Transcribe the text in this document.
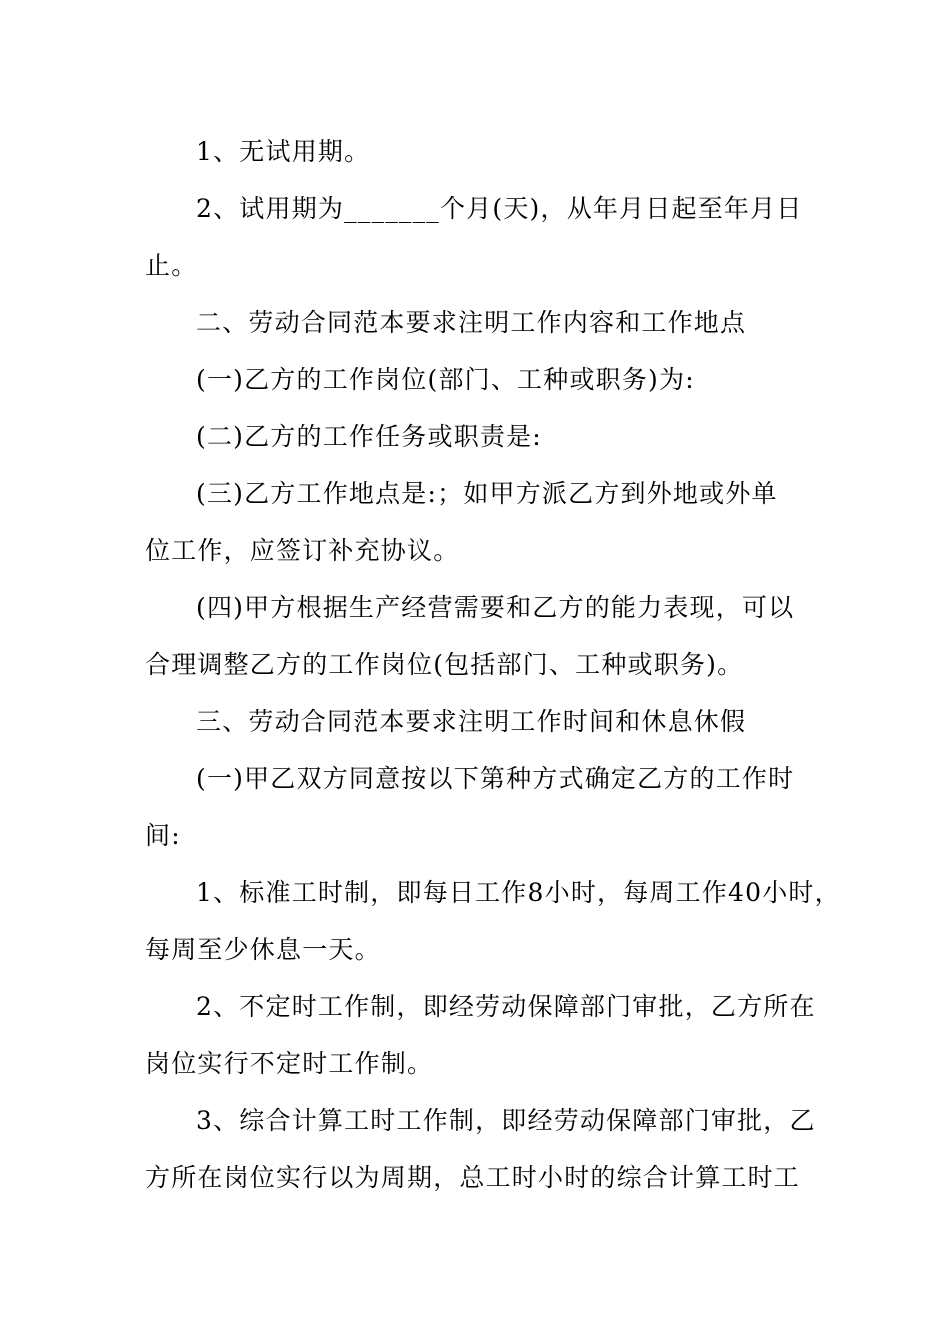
1、无试用期。

2、试用期为_______个月(天)，从年月日起至年月日

止。

二、劳动合同范本要求注明工作内容和工作地点

(一)乙方的工作岗位(部门、工种或职务)为:

(二)乙方的工作任务或职责是:

(三)乙方工作地点是:；如甲方派乙方到外地或外单

位工作，应签订补充协议。

(四)甲方根据生产经营需要和乙方的能力表现，可以

合理调整乙方的工作岗位(包括部门、工种或职务)。

三、劳动合同范本要求注明工作时间和休息休假

(一)甲乙双方同意按以下第种方式确定乙方的工作时

间:

1、标准工时制，即每日工作8小时，每周工作40小时，

每周至少休息一天。

2、不定时工作制，即经劳动保障部门审批，乙方所在

岗位实行不定时工作制。

3、综合计算工时工作制，即经劳动保障部门审批，乙

方所在岗位实行以为周期，总工时小时的综合计算工时工
